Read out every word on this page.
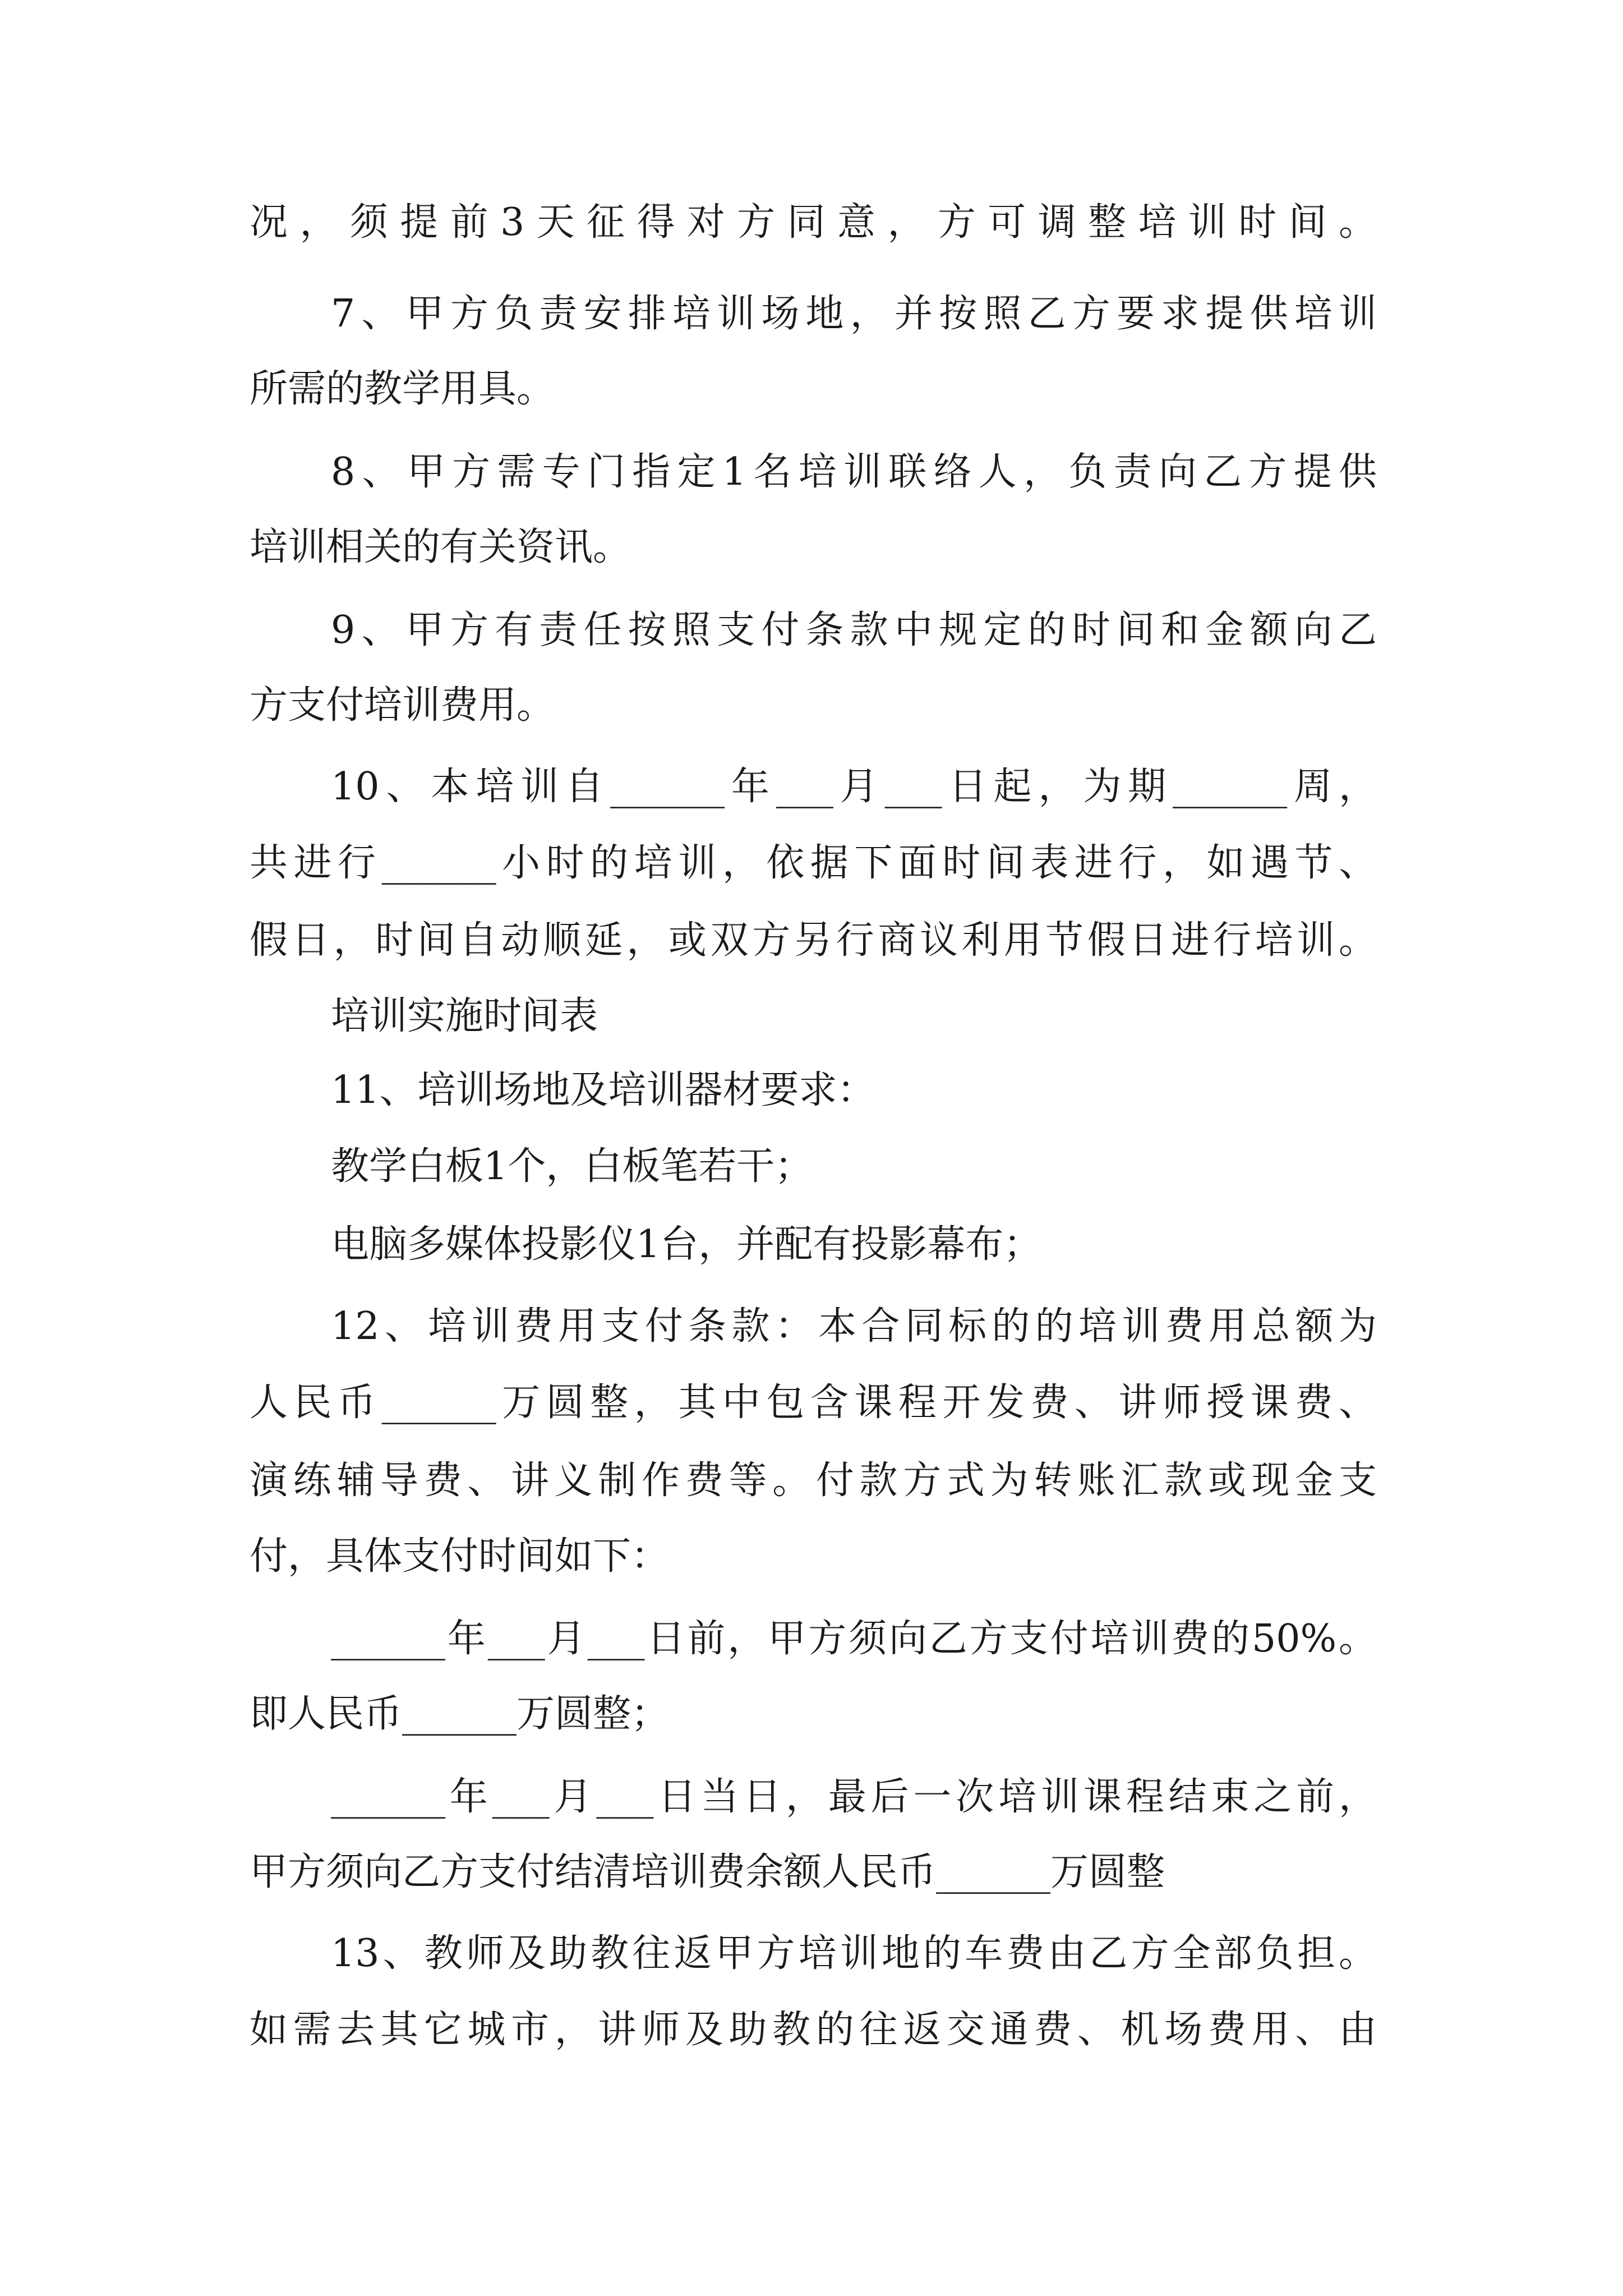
况，须提前3天征得对方同意，方可调整培训时间。
7、甲方负责安排培训场地，并按照乙方要求提供培训
所需的教学用具。
8、甲方需专门指定1名培训联络人，负责向乙方提供
培训相关的有关资讯。
9、甲方有责任按照支付条款中规定的时间和金额向乙
方支付培训费用。
10、本培训自______年___月___日起，为期______周，
共进行______小时的培训，依据下面时间表进行，如遇节、
假日，时间自动顺延，或双方另行商议利用节假日进行培训。
培训实施时间表
11、培训场地及培训器材要求：
教学白板1个，白板笔若干；
电脑多媒体投影仪1台，并配有投影幕布；
12、培训费用支付条款：本合同标的的培训费用总额为
人民币______万圆整，其中包含课程开发费、讲师授课费、
演练辅导费、讲义制作费等。付款方式为转账汇款或现金支
付，具体支付时间如下：
______年___月___日前，甲方须向乙方支付培训费的50%。
即人民币______万圆整；
______年___月___日当日，最后一次培训课程结束之前，
甲方须向乙方支付结清培训费余额人民币______万圆整
13、教师及助教往返甲方培训地的车费由乙方全部负担。
如需去其它城市，讲师及助教的往返交通费、机场费用、由
